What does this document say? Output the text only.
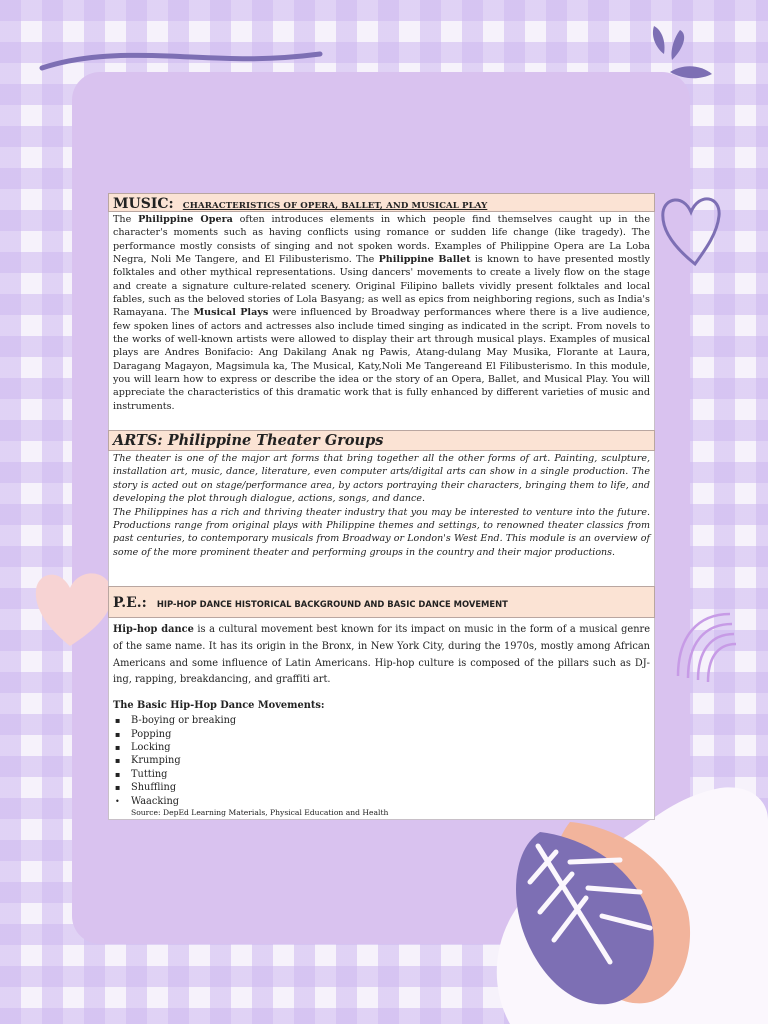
MUSIC: CHARACTERISTICS OF OPERA, BALLET, AND MUSICAL PLAY
The Philippine Opera often introduces elements in which people find themselves caught up in the character's moments such as having conflicts using romance or sudden life change (like tragedy). The performance mostly consists of singing and not spoken words. Examples of Philippine Opera are La Loba Negra, Noli Me Tangere, and El Filibusterismo. The Philippine Ballet is known to have presented mostly folktales and other mythical representations. Using dancers' movements to create a lively flow on the stage and create a signature culture-related scenery. Original Filipino ballets vividly present folktales and local fables, such as the beloved stories of Lola Basyang; as well as epics from neighboring regions, such as India's Ramayana. The Musical Plays were influenced by Broadway performances where there is a live audience, few spoken lines of actors and actresses also include timed singing as indicated in the script. From novels to the works of well-known artists were allowed to display their art through musical plays. Examples of musical plays are Andres Bonifacio: Ang Dakilang Anak ng Pawis, Atang-dulang May Musika, Florante at Laura, Daragang Magayon, Magsimula ka, The Musical, Katy,Noli Me Tangereand El Filibusterismo. In this module, you will learn how to express or describe the idea or the story of an Opera, Ballet, and Musical Play. You will appreciate the characteristics of this dramatic work that is fully enhanced by different varieties of music and instruments.
ARTS: Philippine Theater Groups

The theater is one of the major art forms that bring together all the other forms of art. Painting, sculpture, installation art, music, dance, literature, even computer arts/digital arts can show in a single production. The story is acted out on stage/performance area, by actors portraying their characters, bringing them to life, and developing the plot through dialogue, actions, songs, and dance.

The Philippines has a rich and thriving theater industry that you may be interested to venture into the future. Productions range from original plays with Philippine themes and settings, to renowned theater classics from past centuries, to contemporary musicals from Broadway or London's West End. This module is an overview of some of the more prominent theater and performing groups in the country and their major productions.

P.E.: HIP-HOP DANCE HISTORICAL BACKGROUND AND BASIC DANCE MOVEMENT

Hip-hop dance is a cultural movement best known for its impact on music in the form of a musical genre of the same name. It has its origin in the Bronx, in New York City, during the 1970s, mostly among African Americans and some influence of Latin Americans. Hip-hop culture is composed of the pillars such as DJ-ing, rapping, breakdancing, and graffiti art.

The Basic Hip-Hop Dance Movements:
▪ B-boying or breaking
▪ Popping
▪ Locking
▪ Krumping
▪ Tutting
▪ Shuffling
• Waacking
Source: DepEd Learning Materials, Physical Education and Health
